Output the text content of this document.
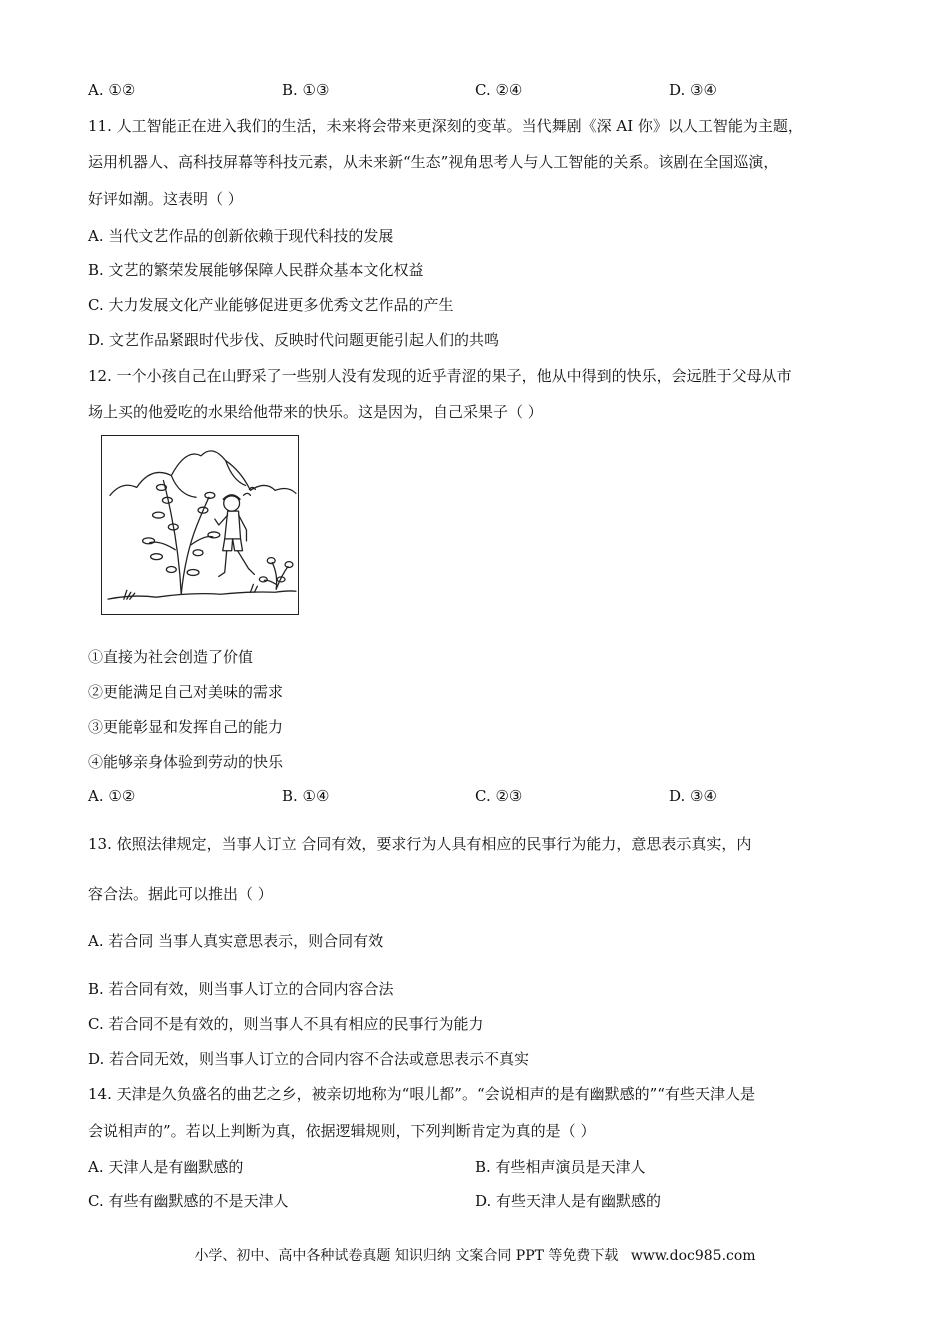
A. ①②	B. ①③	C. ②④	D. ③④
11. 人工智能正在进入我们的生活，未来将会带来更深刻的变革。当代舞剧《深 AI 你》以人工智能为主题，
运用机器人、高科技屏幕等科技元素，从未来新“生态”视角思考人与人工智能的关系。该剧在全国巡演，
好评如潮。这表明（ ）
A. 当代文艺作品的创新依赖于现代科技的发展
B. 文艺的繁荣发展能够保障人民群众基本文化权益
C. 大力发展文化产业能够促进更多优秀文艺作品的产生
D. 文艺作品紧跟时代步伐、反映时代问题更能引起人们的共鸣
12. 一个小孩自己在山野采了一些别人没有发现的近乎青涩的果子，他从中得到的快乐，会远胜于父母从市
场上买的他爱吃的水果给他带来的快乐。这是因为，自己采果子（ ）
①直接为社会创造了价值
②更能满足自己对美味的需求
③更能彰显和发挥自己的能力
④能够亲身体验到劳动的快乐
A. ①②	B. ①④	C. ②③	D. ③④
13. 依照法律规定，当事人订立 合同有效，要求行为人具有相应的民事行为能力，意思表示真实，内
容合法。据此可以推出（ ）
A. 若合同 当事人真实意思表示，则合同有效
B. 若合同有效，则当事人订立的合同内容合法
C. 若合同不是有效的，则当事人不具有相应的民事行为能力
D. 若合同无效，则当事人订立的合同内容不合法或意思表示不真实
14. 天津是久负盛名的曲艺之乡，被亲切地称为“哏儿都”。“会说相声的是有幽默感的”“有些天津人是
会说相声的”。若以上判断为真，依据逻辑规则，下列判断肯定为真的是（ ）
A. 天津人是有幽默感的	B. 有些相声演员是天津人
C. 有些有幽默感的不是天津人	D. 有些天津人是有幽默感的
小学、初中、高中各种试卷真题 知识归纳 文案合同 PPT 等免费下载 www.doc985.com
